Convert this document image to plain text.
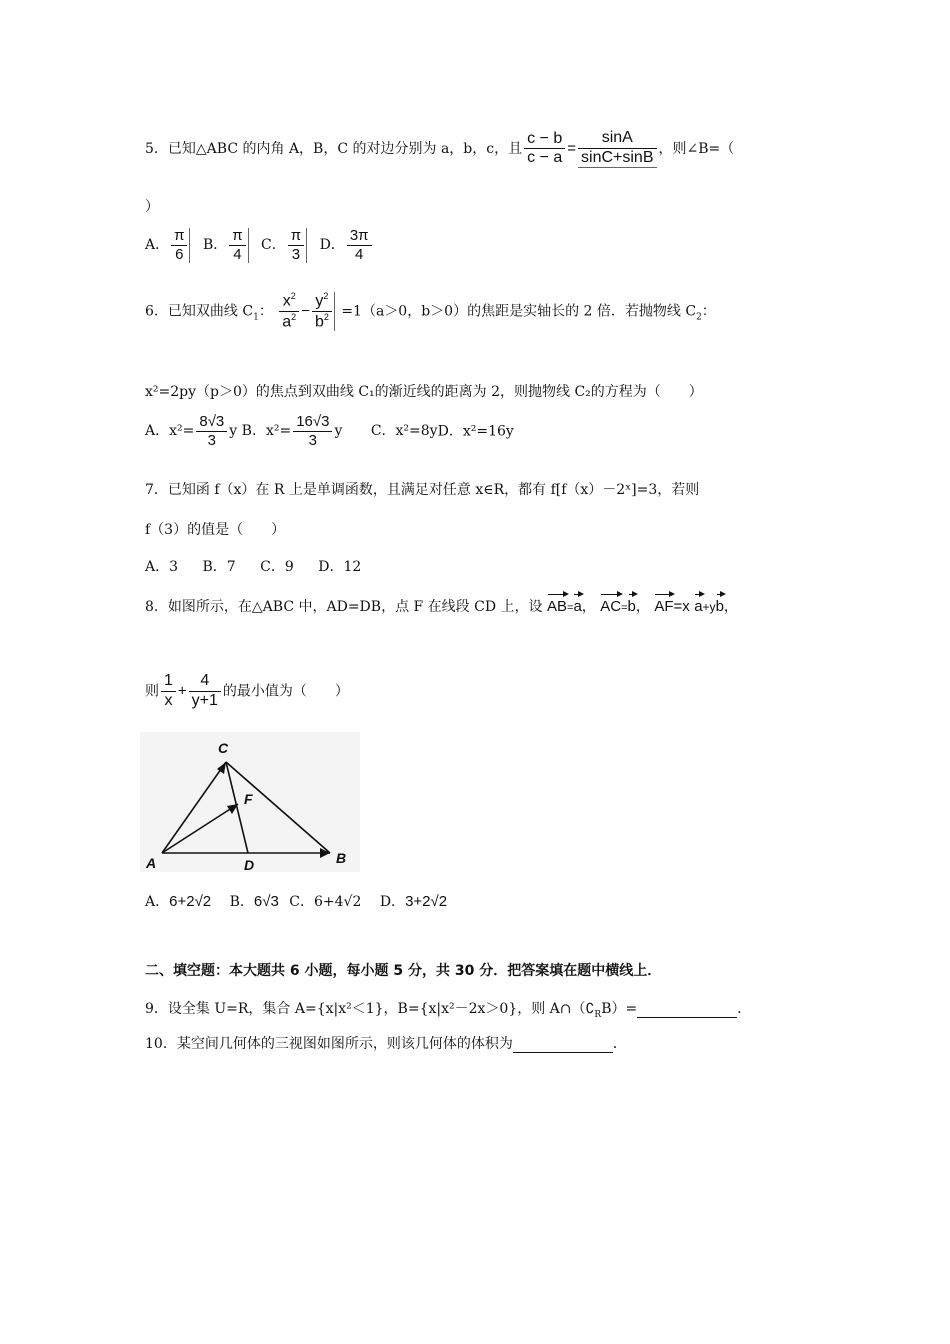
5．已知△ABC 的内角 A，B，C 的对边分别为 a，b，c，且 $\frac{c - b}{c - a} = \frac{\sin A}{\sin C+\sin B}$ ，则∠B=（
）
A． $\frac{\pi}{6}$ B． $\frac{\pi}{4}$ C． $\frac{\pi}{3}$ D． $\frac{3\pi}{4}$
6．已知双曲线 $C_1$： $\frac{x^2}{a^2} - \frac{y^2}{b^2} =1(a>0$，b＞0）的焦距是实轴长的 2 倍．若抛物线 $C_2$：
x²=2py（p＞0）的焦点到双曲线 C₁的渐近线的距离为 2，则抛物线 C₂的方程为（　　）
A．$x^2= \frac{8√3}{3}$ y B．$x^2= \frac{16√3}{3}$ y C．x²=8yD．x²=16y
7．已知函 f（x）在 R 上是单调函数，且满足对任意 x∈R，都有 f[f（x）－2ˣ]=3，若则
f（3）的值是（　　）
A．3 B．7 C．9 D．12
8．如图所示，在△ABC 中，AD=DB，点 F 在线段 CD 上，设 AB=a， AC=b， AF=x a+yb，
则 $\frac{1}{x} + \frac{4}{y+1}$ 的最小值为（　　）
C
F
A	D	B
A．6+2√2 B．6√3 C．6+4√2 D．3+2√2
二、填空题：本大题共 6 小题，每小题 5 分，共 30 分．把答案填在题中横线上．
9．设全集 U=R，集合 A={x|x²＜1}，B={x|x²－2x＞0}，则 $A\cap(∁_RB)=$	．
10．某空间几何体的三视图如图所示，则该几何体的体积为	．
